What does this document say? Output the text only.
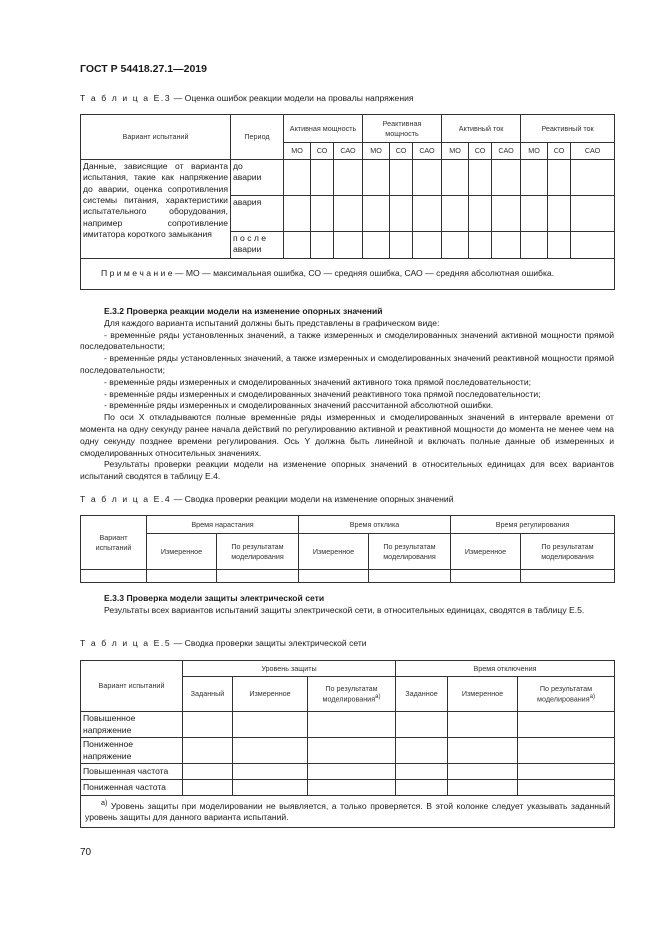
ГОСТ Р 54418.27.1—2019
Т а б л и ц а Е.3 — Оценка ошибок реакции модели на провалы напряжения
Вариант испытаний	Период	Активная мощность			Реактивная мощность			Активный ток			Реактивный ток		
		МО	СО	САО	МО	СО	САО	МО	СО	САО	МО	СО	САО
Данные, зависящие от варианта испытания, такие как напряжение до аварии, оценка сопротивления системы питания, характеристики испытательного оборудования, например сопротивление имитатора короткого замыкания	до аварии												
	авария												
	п о с л е аварии												
П р и м е ч а н и е — МО — максимальная ошибка, СО — средняя ошибка, САО — средняя абсолютная ошибка.													

Е.3.2 Проверка реакции модели на изменение опорных значений

Для каждого варианта испытаний должны быть представлены в графическом виде:

- временны́е ряды установленных значений, а также измеренных и смоделированных значений активной мощности прямой последовательности;

- временны́е ряды установленных значений, а также измеренных и смоделированных значений реактивной мощности прямой последовательности;

- временны́е ряды измеренных и смоделированных значений активного тока прямой последовательности;

- временны́е ряды измеренных и смоделированных значений реактивного тока прямой последовательности;

- временны́е ряды измеренных и смоделированных значений рассчитанной абсолютной ошибки.

По оси X откладываются полные временны́е ряды измеренных и смоделированных значений в интервале времени от момента на одну секунду ранее начала действий по регулированию активной и реактивной мощности до момента не менее чем на одну секунду позднее времени регулирования. Ось Y должна быть линейной и включать полные данные об измеренных и смоделированных относительных значениях.

Результаты проверки реакции модели на изменение опорных значений в относительных единицах для всех вариантов испытаний сводятся в таблицу Е.4.

Т а б л и ц а Е.4 — Сводка проверки реакции модели на изменение опорных значений
Вариант испытаний	Время нарастания		Время отклика		Время регулирования	
	Измеренное	По результатам моделирования	Измеренное	По результатам моделирования	Измеренное	По результатам моделирования

Е.3.3 Проверка модели защиты электрической сети

Результаты всех вариантов испытаний защиты электрической сети, в относительных единицах, сводятся в таблицу Е.5.

Т а б л и ц а Е.5 — Сводка проверки защиты электрической сети
Вариант испытаний	Уровень защиты			Время отключения		
	Заданный	Измеренное	По результатам моделирования$^{а)}$	Заданное	Измеренное	По результатам моделирования$^{а)}$
Повышенное напряжение						
Пониженное напряжение						
Повышенная частота						
Пониженная частота						
$^{а)}$ Уровень защиты при моделировании не выявляется, а только проверяется. В этой колонке следует указывать заданный уровень защиты для данного варианта испытаний.						
70
